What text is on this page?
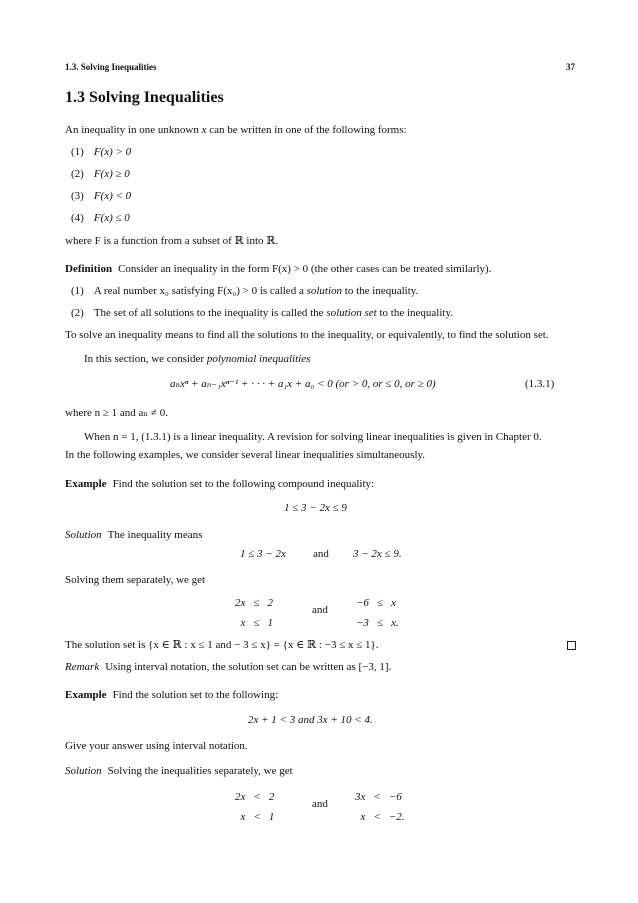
1.3. Solving Inequalities	37
1.3 Solving Inequalities
An inequality in one unknown x can be written in one of the following forms:
(1) F(x) > 0
(2) F(x) ≥ 0
(3) F(x) < 0
(4) F(x) ≤ 0
where F is a function from a subset of ℝ into ℝ.
Definition Consider an inequality in the form F(x) > 0 (the other cases can be treated similarly).
(1) A real number x₀ satisfying F(x₀) > 0 is called a solution to the inequality.
(2) The set of all solutions to the inequality is called the solution set to the inequality.
To solve an inequality means to find all the solutions to the inequality, or equivalently, to find the solution set.
In this section, we consider polynomial inequalities
aₙxⁿ + aₙ₋₁xⁿ⁻¹ + · · · + a₁x + a₀ < 0 (or > 0, or ≤ 0, or ≥ 0)	(1.3.1)
where n ≥ 1 and aₙ ≠ 0.
When n = 1, (1.3.1) is a linear inequality. A revision for solving linear inequalities is given in Chapter 0.
In the following examples, we consider several linear inequalities simultaneously.
Example Find the solution set to the following compound inequality:
1 ≤ 3 − 2x ≤ 9
Solution The inequality means
1 ≤ 3 − 2x and 3 − 2x ≤ 9.
Solving them separately, we get
2x ≤ 2
x ≤ 1
and
−6 ≤ x
−3 ≤ x.
The solution set is {x ∈ ℝ : x ≤ 1 and − 3 ≤ x} = {x ∈ ℝ : −3 ≤ x ≤ 1}.
Remark Using interval notation, the solution set can be written as [−3, 1].
Example Find the solution set to the following:
2x + 1 < 3 and 3x + 10 < 4.
Give your answer using interval notation.
Solution Solving the inequalities separately, we get
2x < 2
x < 1
and
3x < −6
x < −2.
